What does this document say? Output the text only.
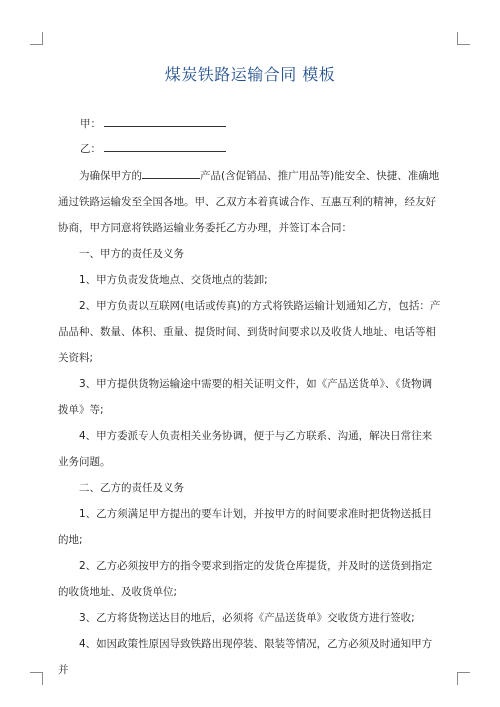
煤炭铁路运输合同 模板
甲：
乙：

为确保甲方的	产品(含促销品、推广用品等)能安全、快捷、准确地通过铁路运输发至全国各地。甲、乙双方本着真诚合作、互惠互利的精神，经友好协商，甲方同意将铁路运输业务委托乙方办理，并签订本合同：

一、甲方的责任及义务

1、甲方负责发货地点、交货地点的装卸;

2、甲方负责以互联网(电话或传真)的方式将铁路运输计划通知乙方，包括：产品品种、数量、体积、重量、提货时间、到货时间要求以及收货人地址、电话等相关资料;

3、甲方提供货物运输途中需要的相关证明文件，如《产品送货单》、《货物调拨单》等;

4、甲方委派专人负责相关业务协调，便于与乙方联系、沟通，解决日常往来业务问题。

二、乙方的责任及义务

1、乙方须满足甲方提出的要车计划，并按甲方的时间要求准时把货物送抵目的地;

2、乙方必须按甲方的指令要求到指定的发货仓库提货，并及时的送货到指定的收货地址、及收货单位;

3、乙方将货物送达目的地后，必须将《产品送货单》交收货方进行签收;

4、如因政策性原因导致铁路出现停装、限装等情况，乙方必须及时通知甲方并
